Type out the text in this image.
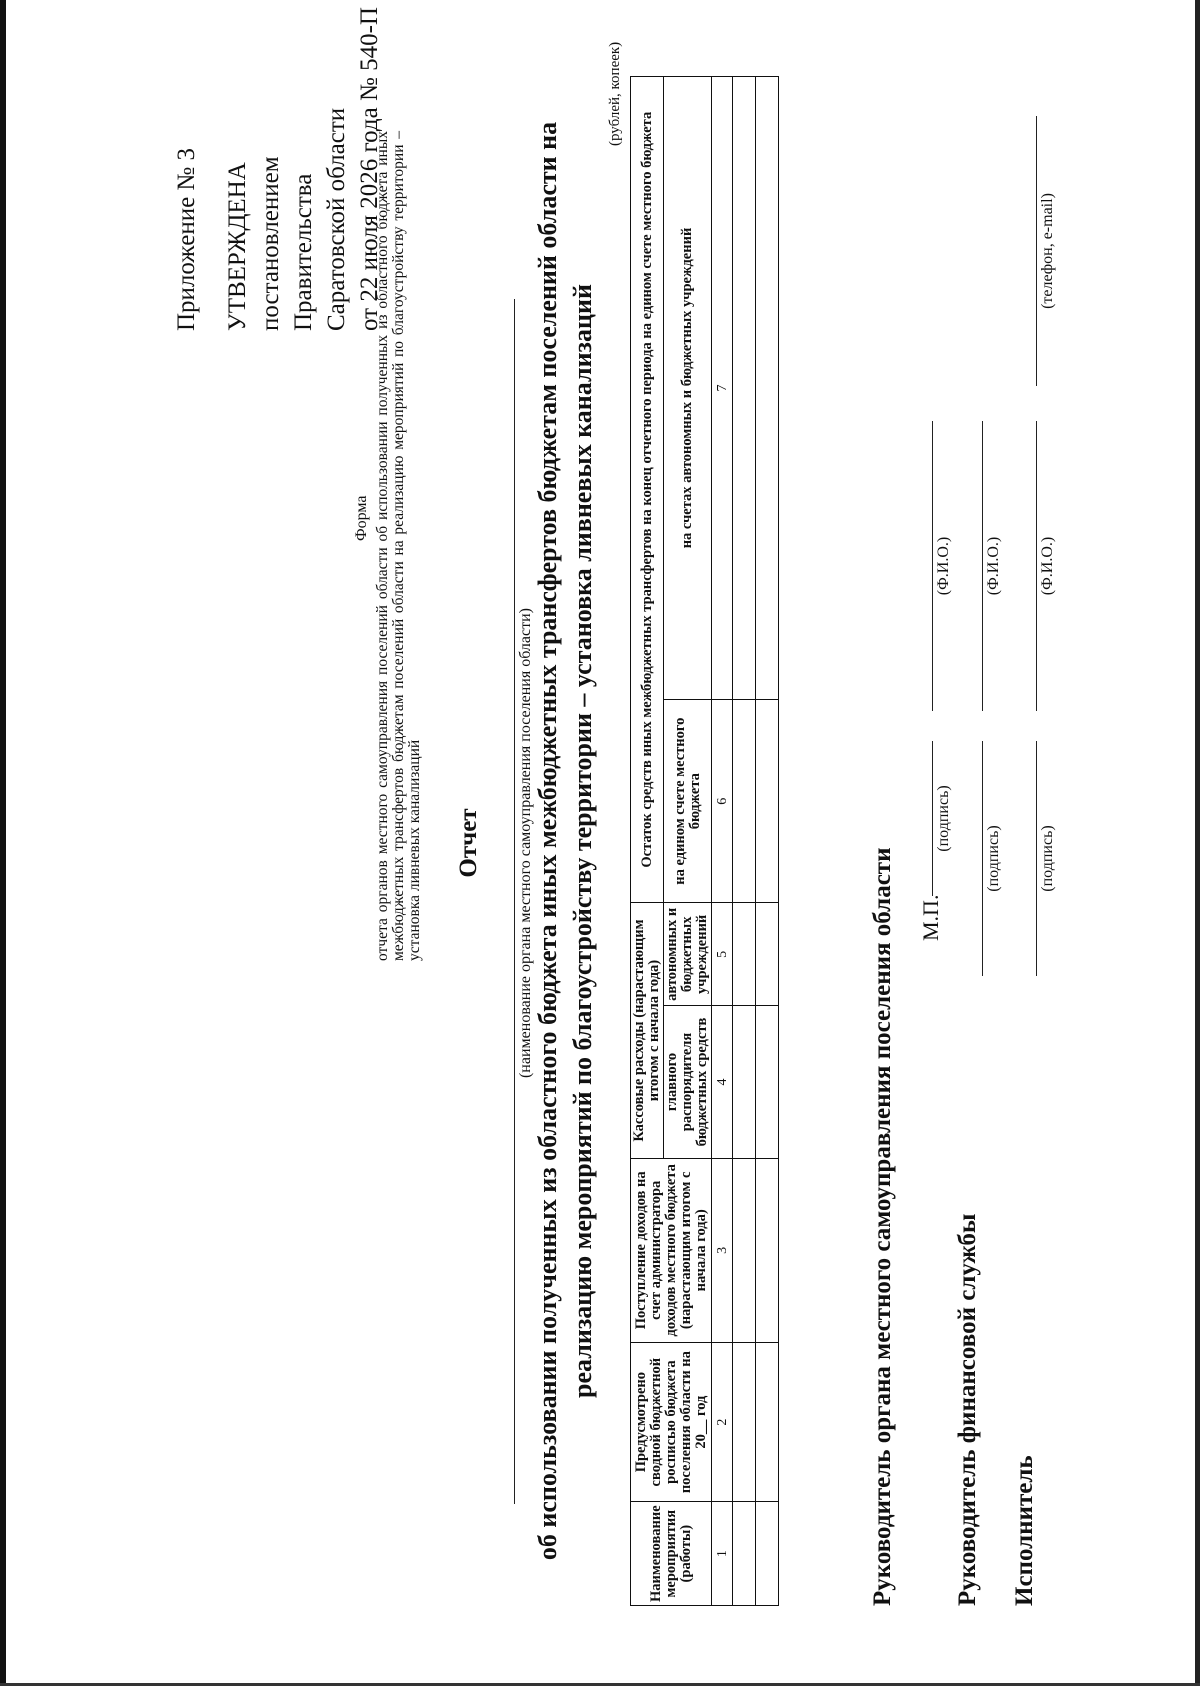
Приложение № 3 УТВЕРЖДЕНА постановлением Правительства Саратовской области от 22 июля 2026 года № 540-П
Форма отчета органов местного самоуправления поселений области об использовании полученных из областного бюджета иных межбюджетных трансфертов бюджетам поселений области на реализацию мероприятий по благоустройству территории – установка ливневых канализаций Отчет (наименование органа местного самоуправления поселения области) об использовании полученных из областного бюджета иных межбюджетных трансфертов бюджетам поселений области на реализацию мероприятий по благоустройству территории – установка ливневых канализаций
(рублей, копеек)
Наименование мероприятия (работы)	Предусмотрено сводной бюджетной росписью бюджета поселения области на 20__ год	Поступление доходов на счет администратора доходов местного бюджета (нарастающим итогом с начала года)	Кассовые расходы (нарастающим итогом с начала года)		Остаток средств иных межбюджетных трансфертов на конец отчетного периода на едином счете местного бюджета	
			главного распорядителя бюджетных средств	автономных и бюджетных учреждений	на едином счете местного бюджета	на счетах автономных и бюджетных учреждений
1	2	3	4	5	6	7

Руководитель органа местного самоуправления поселения области М.П.
(подпись)
(Ф.И.О.)
Руководитель финансовой службы
(подпись)
(Ф.И.О.)
Исполнитель
(подпись)
(Ф.И.О.)
(телефон, e-mail)
